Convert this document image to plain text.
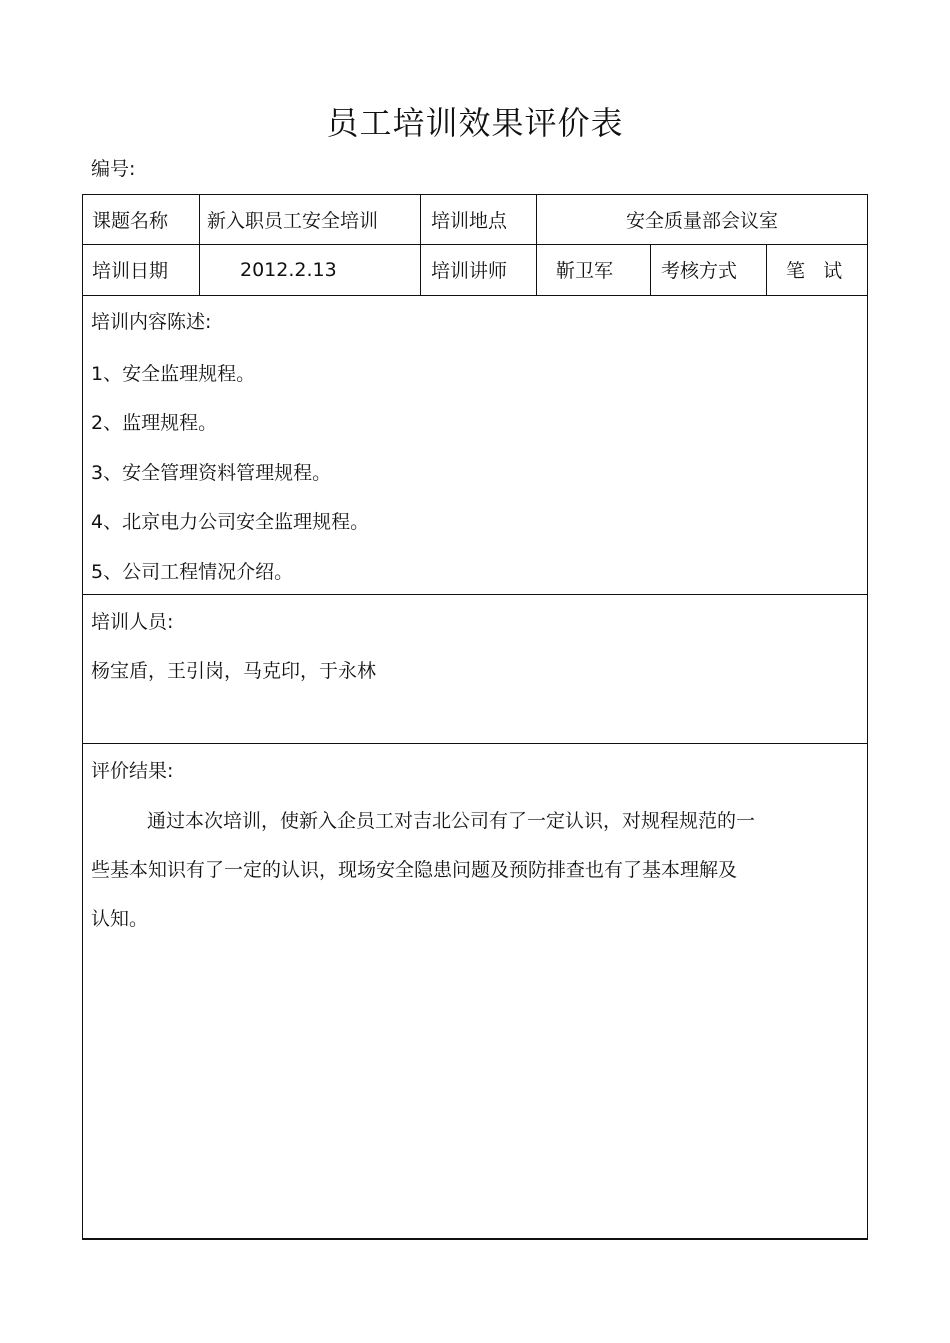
员工培训效果评价表
编号:
课题名称 新入职员工安全培训	培训地点	安全质量部会议室
培训日期	2012.2.13	培训讲师	靳卫军	考核方式	笔   试
培训内容陈述:
1、安全监理规程。
2、监理规程。
3、安全管理资料管理规程。
4、北京电力公司安全监理规程。
5、公司工程情况介绍。
培训人员:
杨宝盾，王引岗，马克印，于永林
评价结果:
通过本次培训，使新入企员工对吉北公司有了一定认识，对规程规范的一
些基本知识有了一定的认识，现场安全隐患问题及预防排查也有了基本理解及
认知。
